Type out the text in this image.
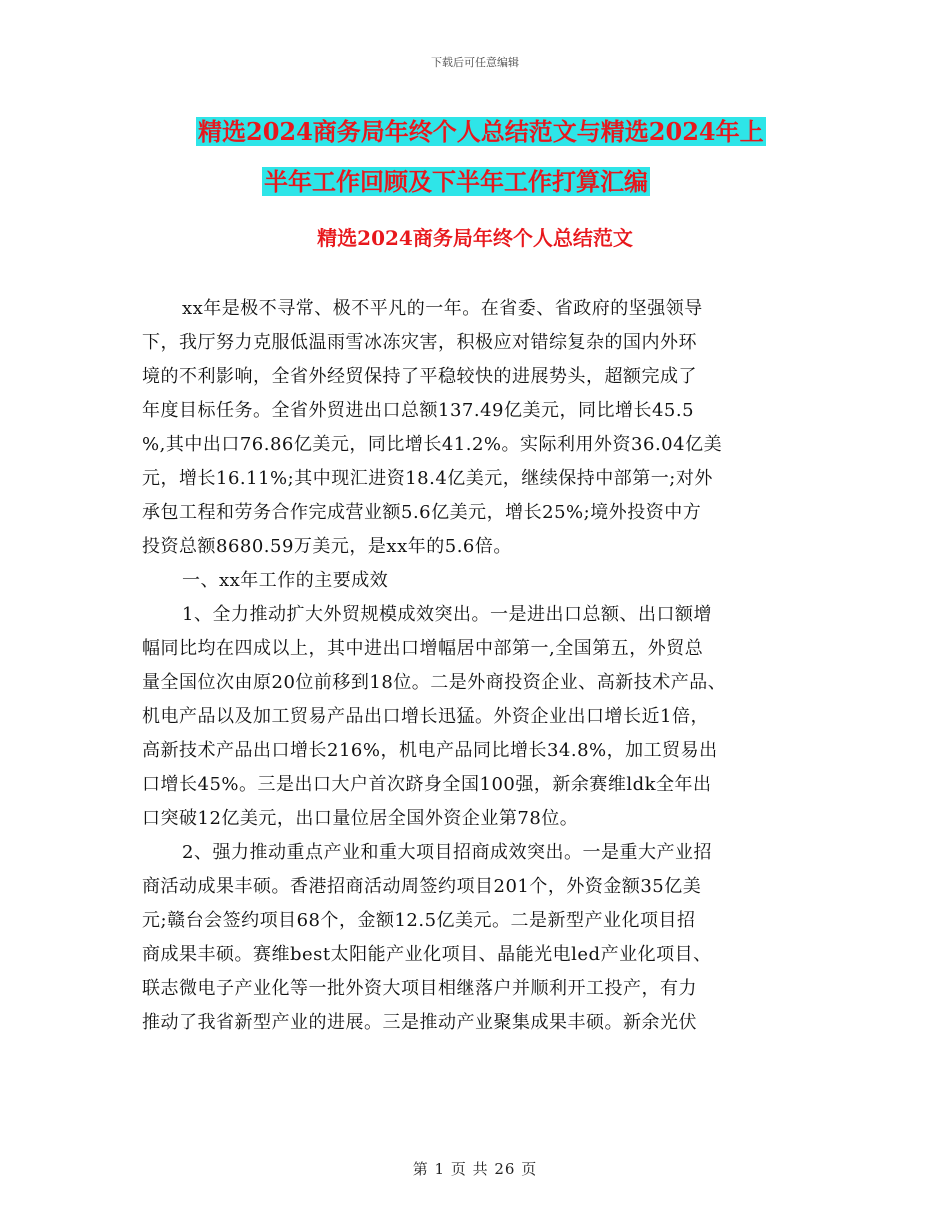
下载后可任意编辑
精选2024商务局年终个人总结范文与精选2024年上
半年工作回顾及下半年工作打算汇编
精选2024商务局年终个人总结范文
xx年是极不寻常、极不平凡的一年。在省委、省政府的坚强领导
下，我厅努力克服低温雨雪冰冻灾害，积极应对错综复杂的国内外环
境的不利影响，全省外经贸保持了平稳较快的进展势头，超额完成了
年度目标任务。全省外贸进出口总额137.49亿美元，同比增长45.5
%,其中出口76.86亿美元，同比增长41.2%。实际利用外资36.04亿美
元，增长16.11%;其中现汇进资18.4亿美元，继续保持中部第一;对外
承包工程和劳务合作完成营业额5.6亿美元，增长25%;境外投资中方
投资总额8680.59万美元，是xx年的5.6倍。
一、xx年工作的主要成效
1、全力推动扩大外贸规模成效突出。一是进出口总额、出口额增
幅同比均在四成以上，其中进出口增幅居中部第一,全国第五，外贸总
量全国位次由原20位前移到18位。二是外商投资企业、高新技术产品、
机电产品以及加工贸易产品出口增长迅猛。外资企业出口增长近1倍，
高新技术产品出口增长216%，机电产品同比增长34.8%，加工贸易出
口增长45%。三是出口大户首次跻身全国100强，新余赛维ldk全年出
口突破12亿美元，出口量位居全国外资企业第78位。
2、强力推动重点产业和重大项目招商成效突出。一是重大产业招
商活动成果丰硕。香港招商活动周签约项目201个，外资金额35亿美
元;赣台会签约项目68个，金额12.5亿美元。二是新型产业化项目招
商成果丰硕。赛维best太阳能产业化项目、晶能光电led产业化项目、
联志微电子产业化等一批外资大项目相继落户并顺利开工投产，有力
推动了我省新型产业的进展。三是推动产业聚集成果丰硕。新余光伏
第 1 页 共 26 页
